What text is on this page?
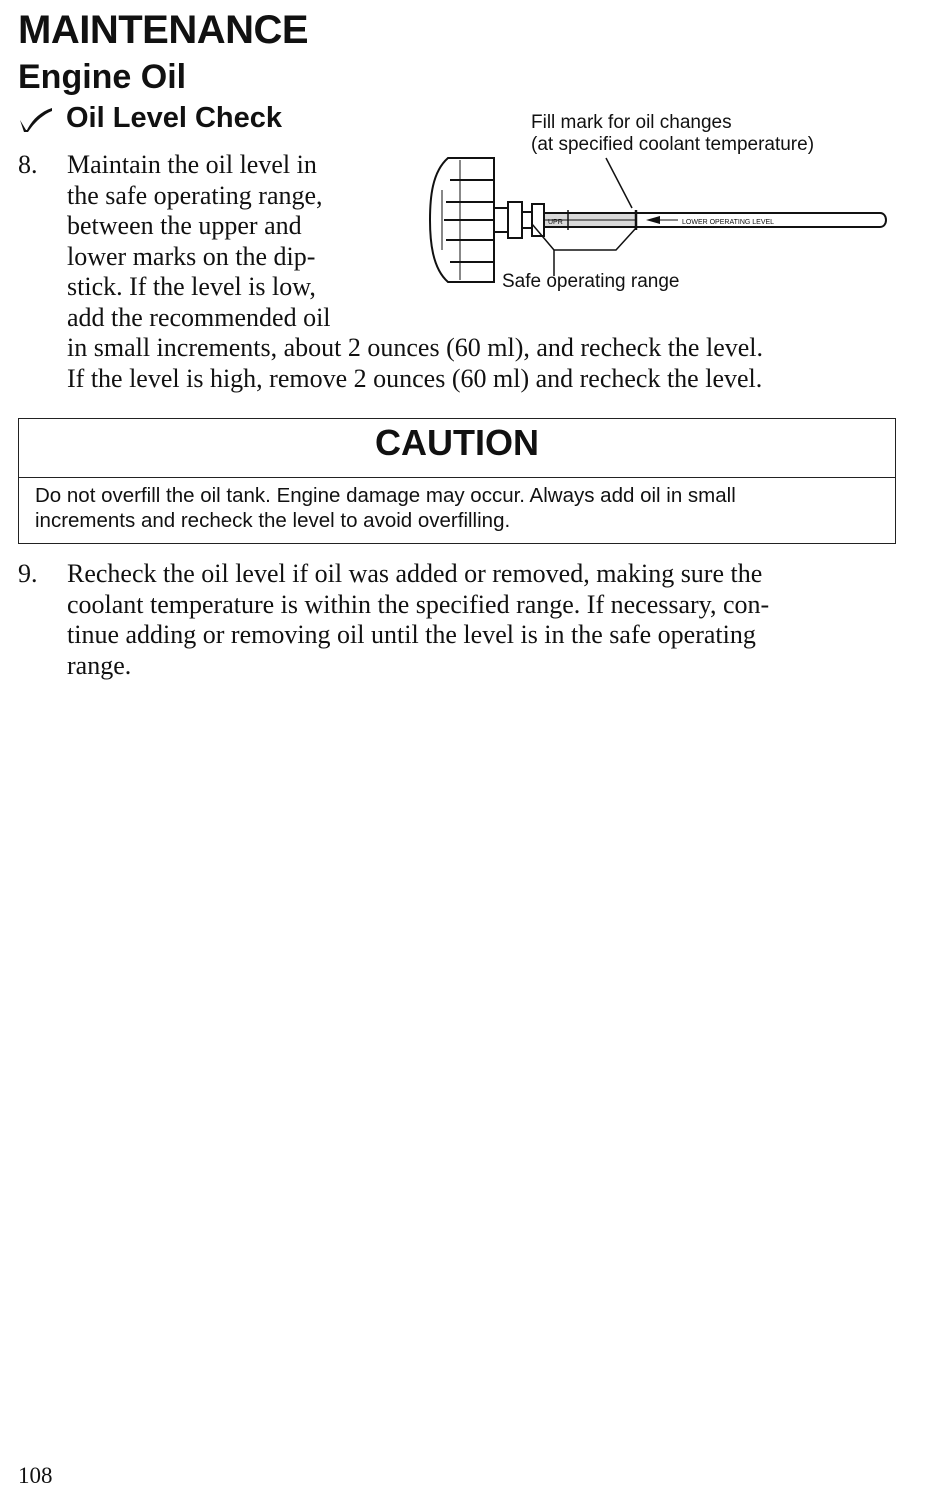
MAINTENANCE
Engine Oil
Oil Level Check
8. Maintain the oil level in
the safe operating range,
between the upper and
lower marks on the dip-
stick. If the level is low,
add the recommended oil
in small increments, about 2 ounces (60 ml), and recheck the level.
If the level is high, remove 2 ounces (60 ml) and recheck the level.
Fill mark for oil changes
(at specified coolant temperature)
Safe operating range
UPR	LOWER OPERATING LEVEL
CAUTION
Do not overfill the oil tank. Engine damage may occur. Always add oil in small
increments and recheck the level to avoid overfilling.
9. Recheck the oil level if oil was added or removed, making sure the
coolant temperature is within the specified range. If necessary, con-
tinue adding or removing oil until the level is in the safe operating
range.
108
